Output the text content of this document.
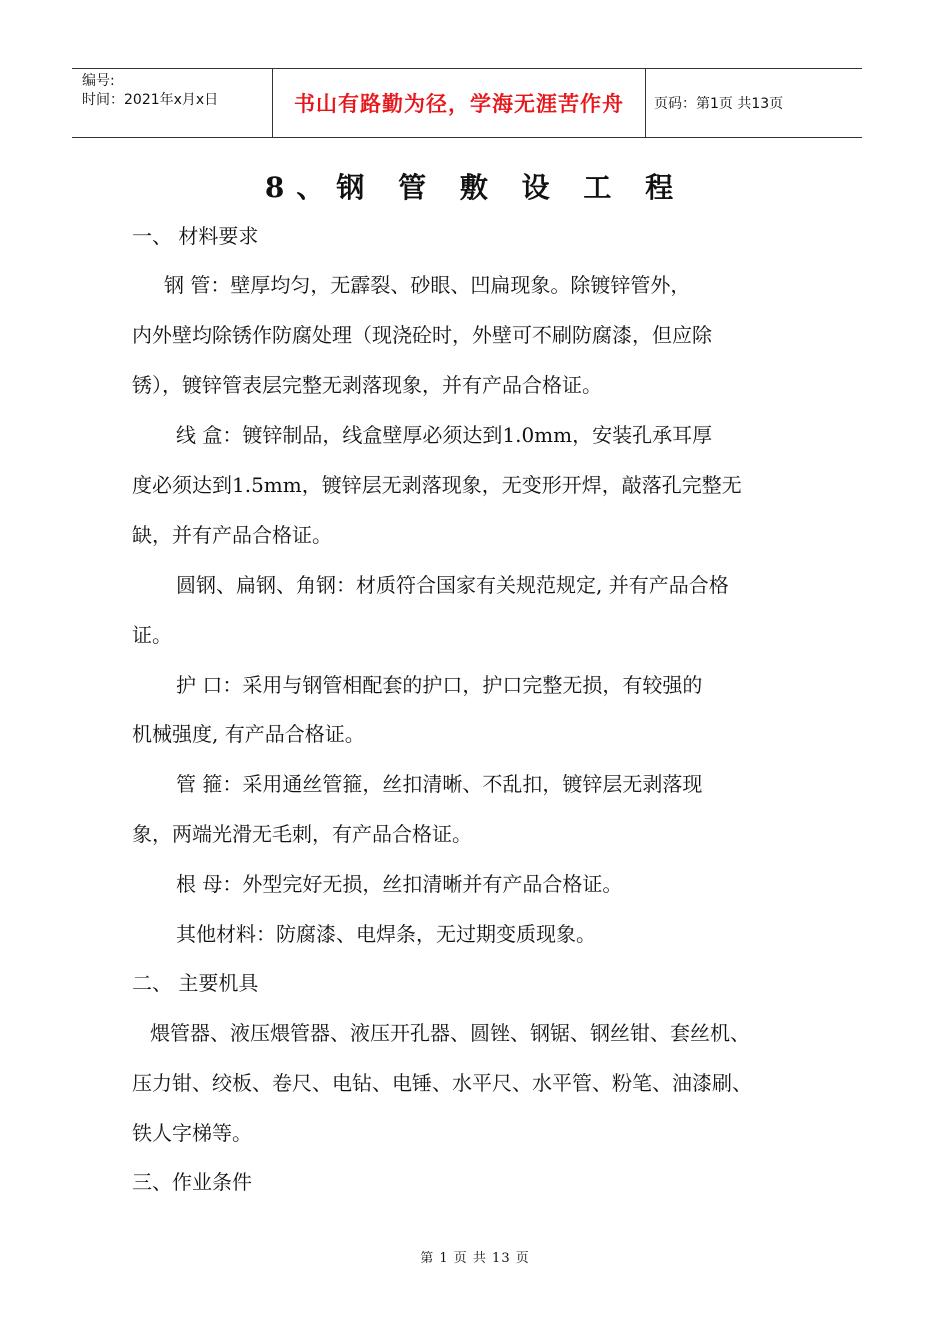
编号:
时间：2021年x月x日	书山有路勤为径，学海无涯苦作舟	页码：第1页 共13页
8、钢 管 敷 设 工 程
一、 材料要求
钢 管：壁厚均匀，无霹裂、砂眼、凹扁现象。除镀锌管外，
内外壁均除锈作防腐处理（现浇砼时，外壁可不刷防腐漆，但应除
锈），镀锌管表层完整无剥落现象，并有产品合格证。
线 盒：镀锌制品，线盒壁厚必须达到1.0mm，安装孔承耳厚
度必须达到1.5mm，镀锌层无剥落现象，无变形开焊，敲落孔完整无
缺，并有产品合格证。
圆钢、扁钢、角钢：材质符合国家有关规范规定, 并有产品合格
证。
护 口：采用与钢管相配套的护口，护口完整无损，有较强的
机械强度, 有产品合格证。
管 箍：采用通丝管箍，丝扣清晰、不乱扣，镀锌层无剥落现
象，两端光滑无毛刺，有产品合格证。
根 母：外型完好无损，丝扣清晰并有产品合格证。
其他材料：防腐漆、电焊条，无过期变质现象。
二、 主要机具
煨管器、液压煨管器、液压开孔器、圆锉、钢锯、钢丝钳、套丝机、
压力钳、绞板、卷尺、电钻、电锤、水平尺、水平管、粉笔、油漆刷、
铁人字梯等。
三、作业条件
第 1 页 共 13 页
